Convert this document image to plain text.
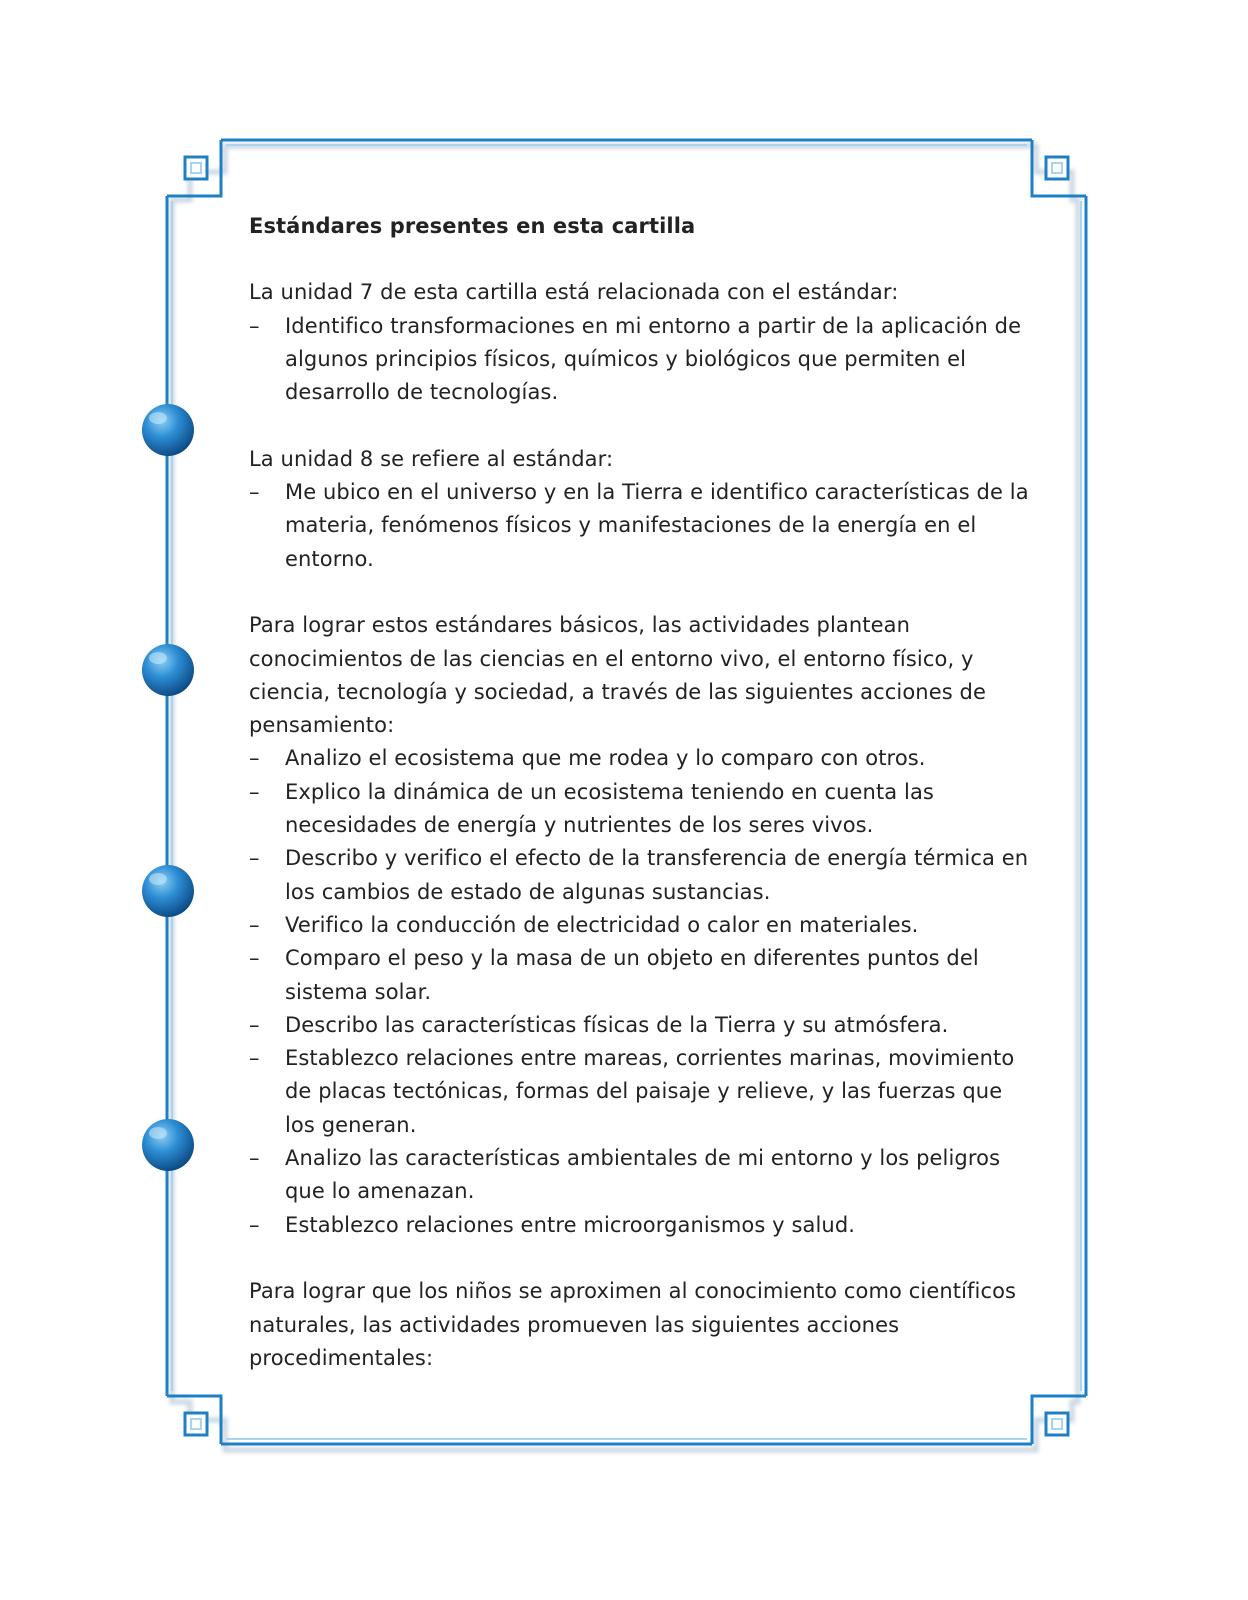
Estándares presentes en esta cartilla

La unidad 7 de esta cartilla está relacionada con el estándar:

– Identifico transformaciones en mi entorno a partir de la aplicación de algunos principios físicos, químicos y biológicos que permiten el desarrollo de tecnologías.

La unidad 8 se refiere al estándar:

– Me ubico en el universo y en la Tierra e identifico características de la materia, fenómenos físicos y manifestaciones de la energía en el entorno.

Para lograr estos estándares básicos, las actividades plantean conocimientos de las ciencias en el entorno vivo, el entorno físico, y ciencia, tecnología y sociedad, a través de las siguientes acciones de pensamiento:

– Analizo el ecosistema que me rodea y lo comparo con otros.
– Explico la dinámica de un ecosistema teniendo en cuenta las necesidades de energía y nutrientes de los seres vivos.
– Describo y verifico el efecto de la transferencia de energía térmica en los cambios de estado de algunas sustancias.
– Verifico la conducción de electricidad o calor en materiales.
– Comparo el peso y la masa de un objeto en diferentes puntos del sistema solar.
– Describo las características físicas de la Tierra y su atmósfera.
– Establezco relaciones entre mareas, corrientes marinas, movimiento de placas tectónicas, formas del paisaje y relieve, y las fuerzas que los generan.
– Analizo las características ambientales de mi entorno y los peligros que lo amenazan.
– Establezco relaciones entre microorganismos y salud.

Para lograr que los niños se aproximen al conocimiento como científicos naturales, las actividades promueven las siguientes acciones procedimentales:
